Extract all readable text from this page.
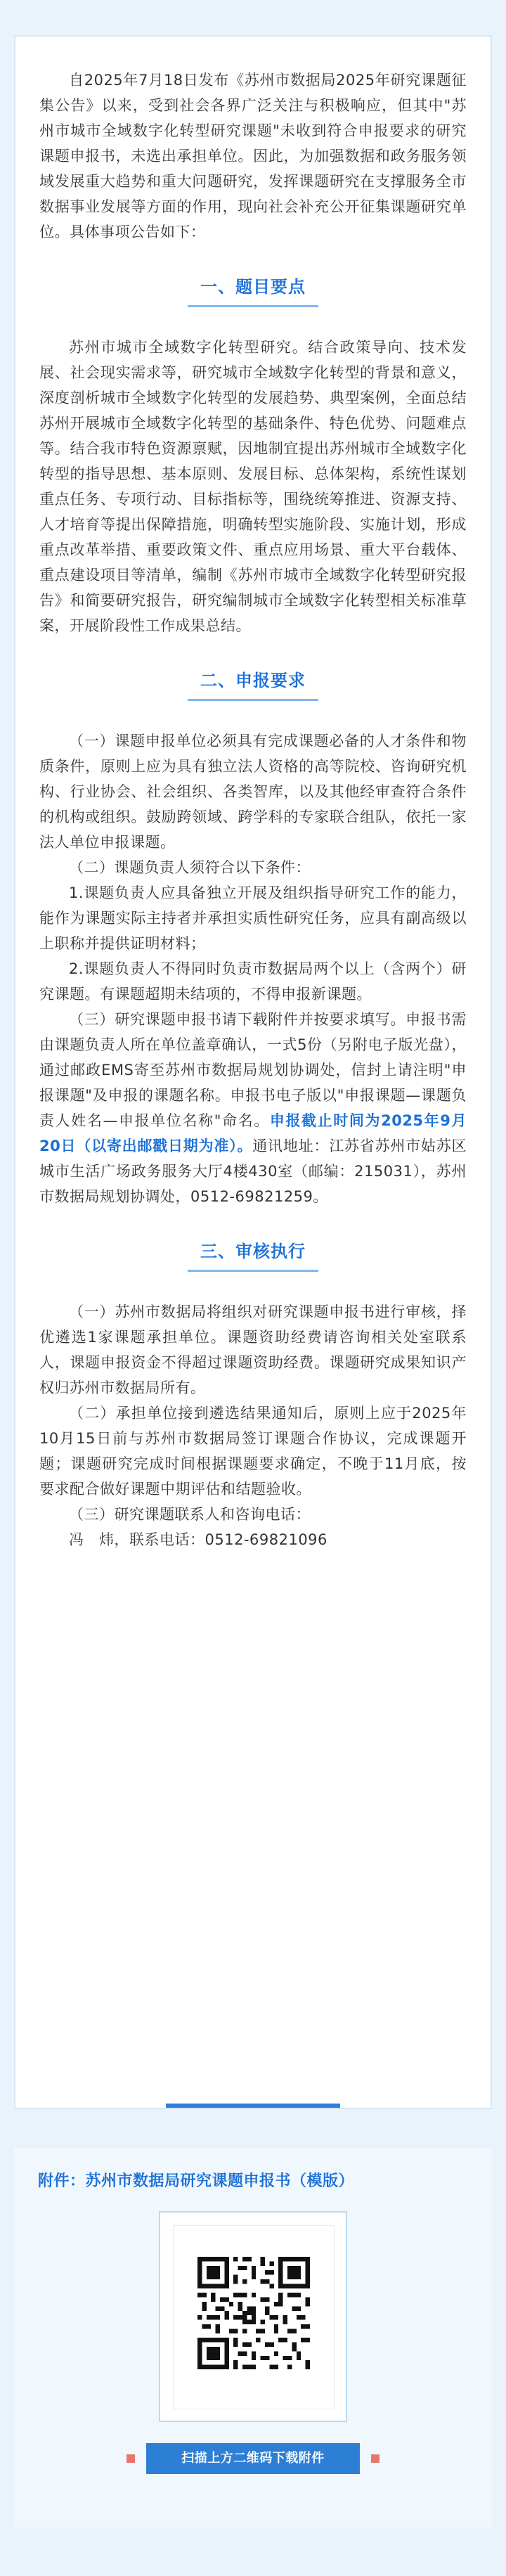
自2025年7月18日发布《苏州市数据局2025年研究课题征集公告》以来，受到社会各界广泛关注与积极响应，但其中"苏州市城市全域数字化转型研究课题"未收到符合申报要求的研究课题申报书，未选出承担单位。因此，为加强数据和政务服务领域发展重大趋势和重大问题研究，发挥课题研究在支撑服务全市数据事业发展等方面的作用，现向社会补充公开征集课题研究单位。具体事项公告如下：

一、题目要点

苏州市城市全域数字化转型研究。结合政策导向、技术发展、社会现实需求等，研究城市全域数字化转型的背景和意义，深度剖析城市全域数字化转型的发展趋势、典型案例，全面总结苏州开展城市全域数字化转型的基础条件、特色优势、问题难点等。结合我市特色资源禀赋，因地制宜提出苏州城市全域数字化转型的指导思想、基本原则、发展目标、总体架构，系统性谋划重点任务、专项行动、目标指标等，围绕统筹推进、资源支持、人才培育等提出保障措施，明确转型实施阶段、实施计划，形成重点改革举措、重要政策文件、重点应用场景、重大平台载体、重点建设项目等清单，编制《苏州市城市全域数字化转型研究报告》和简要研究报告，研究编制城市全域数字化转型相关标准草案，开展阶段性工作成果总结。

二、申报要求

（一）课题申报单位必须具有完成课题必备的人才条件和物质条件，原则上应为具有独立法人资格的高等院校、咨询研究机构、行业协会、社会组织、各类智库，以及其他经审查符合条件的机构或组织。鼓励跨领域、跨学科的专家联合组队，依托一家法人单位申报课题。

（二）课题负责人须符合以下条件：

1.课题负责人应具备独立开展及组织指导研究工作的能力，能作为课题实际主持者并承担实质性研究任务，应具有副高级以上职称并提供证明材料；

2.课题负责人不得同时负责市数据局两个以上（含两个）研究课题。有课题超期未结项的，不得申报新课题。

（三）研究课题申报书请下载附件并按要求填写。申报书需由课题负责人所在单位盖章确认，一式5份（另附电子版光盘），通过邮政EMS寄至苏州市数据局规划协调处，信封上请注明"申报课题"及申报的课题名称。申报书电子版以"申报课题—课题负责人姓名—申报单位名称"命名。申报截止时间为2025年9月20日（以寄出邮戳日期为准）。通讯地址：江苏省苏州市姑苏区城市生活广场政务服务大厅4楼430室（邮编：215031），苏州市数据局规划协调处，0512-69821259。

三、审核执行

（一）苏州市数据局将组织对研究课题申报书进行审核，择优遴选1家课题承担单位。课题资助经费请咨询相关处室联系人，课题申报资金不得超过课题资助经费。课题研究成果知识产权归苏州市数据局所有。

（二）承担单位接到遴选结果通知后，原则上应于2025年10月15日前与苏州市数据局签订课题合作协议，完成课题开题；课题研究完成时间根据课题要求确定，不晚于11月底，按要求配合做好课题中期评估和结题验收。

（三）研究课题联系人和咨询电话：

冯　炜，联系电话：0512-69821096

附件：苏州市数据局研究课题申报书（模版）
扫描上方二维码下载附件
